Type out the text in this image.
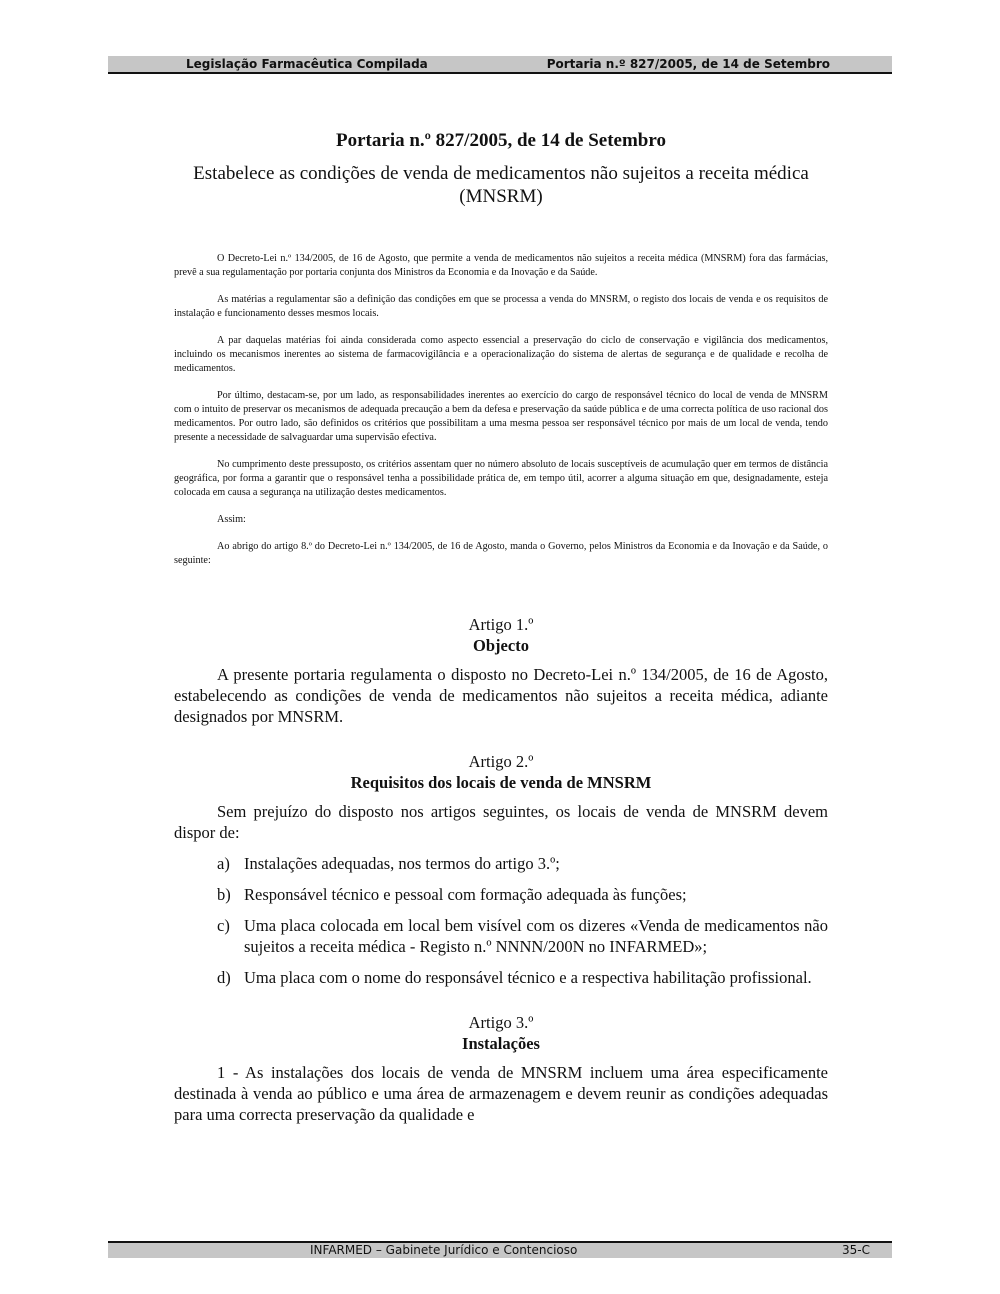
Legislação Farmacêutica Compilada	Portaria n.º 827/2005, de 14 de Setembro
Portaria n.º 827/2005, de 14 de Setembro
Estabelece as condições de venda de medicamentos não sujeitos a receita médica (MNSRM)

O Decreto-Lei n.º 134/2005, de 16 de Agosto, que permite a venda de medicamentos não sujeitos a receita médica (MNSRM) fora das farmácias, prevê a sua regulamentação por portaria conjunta dos Ministros da Economia e da Inovação e da Saúde.

As matérias a regulamentar são a definição das condições em que se processa a venda do MNSRM, o registo dos locais de venda e os requisitos de instalação e funcionamento desses mesmos locais.

A par daquelas matérias foi ainda considerada como aspecto essencial a preservação do ciclo de conservação e vigilância dos medicamentos, incluindo os mecanismos inerentes ao sistema de farmacovigilância e a operacionalização do sistema de alertas de segurança e de qualidade e recolha de medicamentos.

Por último, destacam-se, por um lado, as responsabilidades inerentes ao exercício do cargo de responsável técnico do local de venda de MNSRM com o intuito de preservar os mecanismos de adequada precaução a bem da defesa e preservação da saúde pública e de uma correcta política de uso racional dos medicamentos. Por outro lado, são definidos os critérios que possibilitam a uma mesma pessoa ser responsável técnico por mais de um local de venda, tendo presente a necessidade de salvaguardar uma supervisão efectiva.

No cumprimento deste pressuposto, os critérios assentam quer no número absoluto de locais susceptíveis de acumulação quer em termos de distância geográfica, por forma a garantir que o responsável tenha a possibilidade prática de, em tempo útil, acorrer a alguma situação em que, designadamente, esteja colocada em causa a segurança na utilização destes medicamentos.

Assim:

Ao abrigo do artigo 8.º do Decreto-Lei n.º 134/2005, de 16 de Agosto, manda o Governo, pelos Ministros da Economia e da Inovação e da Saúde, o seguinte:

Artigo 1.º
Objecto

A presente portaria regulamenta o disposto no Decreto-Lei n.º 134/2005, de 16 de Agosto, estabelecendo as condições de venda de medicamentos não sujeitos a receita médica, adiante designados por MNSRM.

Artigo 2.º
Requisitos dos locais de venda de MNSRM

Sem prejuízo do disposto nos artigos seguintes, os locais de venda de MNSRM devem dispor de:

a) Instalações adequadas, nos termos do artigo 3.º;
b) Responsável técnico e pessoal com formação adequada às funções;
c) Uma placa colocada em local bem visível com os dizeres «Venda de medicamentos não sujeitos a receita médica - Registo n.º NNNN/200N no INFARMED»;
d) Uma placa com o nome do responsável técnico e a respectiva habilitação profissional.
Artigo 3.º
Instalações

1 - As instalações dos locais de venda de MNSRM incluem uma área especificamente destinada à venda ao público e uma área de armazenagem e devem reunir as condições adequadas para uma correcta preservação da qualidade e

INFARMED – Gabinete Jurídico e Contencioso	35-C
